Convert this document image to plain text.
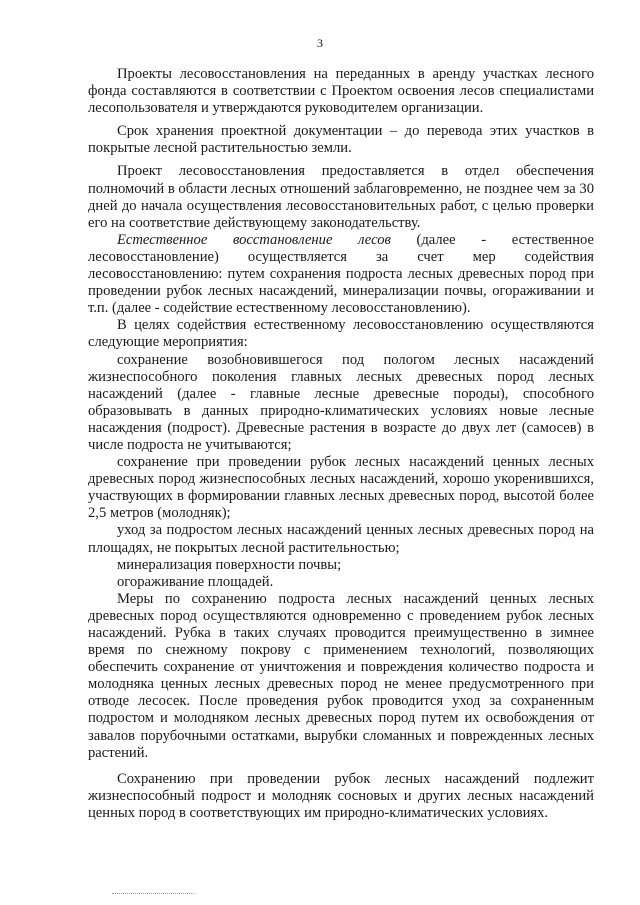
3

Проекты лесовосстановления на переданных в аренду участках лесного фонда составляются в соответствии с Проектом освоения лесов специалистами лесопользователя и утверждаются руководителем организации.

Срок хранения проектной документации – до перевода этих участков в покрытые лесной растительностью земли.

Проект лесовосстановления предоставляется в отдел обеспечения полномочий в области лесных отношений заблаговременно, не позднее чем за 30 дней до начала осуществления лесовосстановительных работ, с целью проверки его на соответствие действующему законодательству.

Естественное восстановление лесов (далее - естественное лесовосстановление) осуществляется за счет мер содействия лесовосстановлению: путем сохранения подроста лесных древесных пород при проведении рубок лесных насаждений, минерализации почвы, огораживании и т.п. (далее - содействие естественному лесовосстановлению).

В целях содействия естественному лесовосстановлению осуществляются следующие мероприятия:

сохранение возобновившегося под пологом лесных насаждений жизнеспособного поколения главных лесных древесных пород лесных насаждений (далее - главные лесные древесные породы), способного образовывать в данных природно-климатических условиях новые лесные насаждения (подрост). Древесные растения в возрасте до двух лет (самосев) в числе подроста не учитываются;

сохранение при проведении рубок лесных насаждений ценных лесных древесных пород жизнеспособных лесных насаждений, хорошо укоренившихся, участвующих в формировании главных лесных древесных пород, высотой более 2,5 метров (молодняк);

уход за подростом лесных насаждений ценных лесных древесных пород на площадях, не покрытых лесной растительностью;

минерализация поверхности почвы;

огораживание площадей.

Меры по сохранению подроста лесных насаждений ценных лесных древесных пород осуществляются одновременно с проведением рубок лесных насаждений. Рубка в таких случаях проводится преимущественно в зимнее время по снежному покрову с применением технологий, позволяющих обеспечить сохранение от уничтожения и повреждения количество подроста и молодняка ценных лесных древесных пород не менее предусмотренного при отводе лесосек. После проведения рубок проводится уход за сохраненным подростом и молодняком лесных древесных пород путем их освобождения от завалов порубочными остатками, вырубки сломанных и поврежденных лесных растений.

Сохранению при проведении рубок лесных насаждений подлежит жизнеспособный подрост и молодняк сосновых и других лесных насаждений ценных пород в соответствующих им природно-климатических условиях.
